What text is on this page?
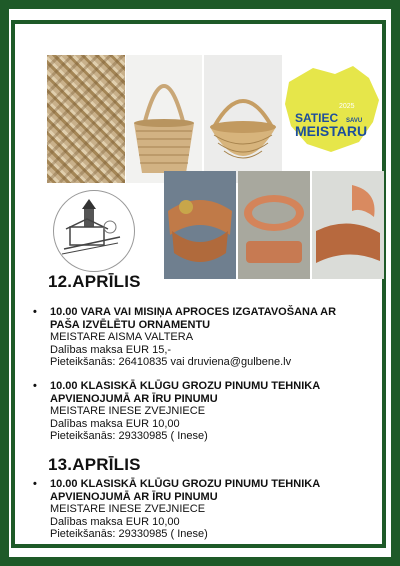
2025
SATIEC SAVU
MEISTARU
12.APRĪLIS
• 10.00 VARA VAI MISIŅA APROCES IZGATAVOŠANA AR
PAŠA IZVĒLĒTU ORNAMENTU
MEISTARE AISMA VALTERA
Dalības maksa EUR 15,-
Pieteikšanās: 26410835 vai druviena@gulbene.lv
• 10.00 KLASISKĀ KLŪGU GROZU PINUMU TEHNIKA
APVIENOJUMĀ AR ĪRU PINUMU
MEISTARE INESE ZVEJNIECE
Dalības maksa EUR 10,00
Pieteikšanās: 29330985 ( Inese)
13.APRĪLIS
• 10.00 KLASISKĀ KLŪGU GROZU PINUMU TEHNIKA
APVIENOJUMĀ AR ĪRU PINUMU
MEISTARE INESE ZVEJNIECE
Dalības maksa EUR 10,00
Pieteikšanās: 29330985 ( Inese)
